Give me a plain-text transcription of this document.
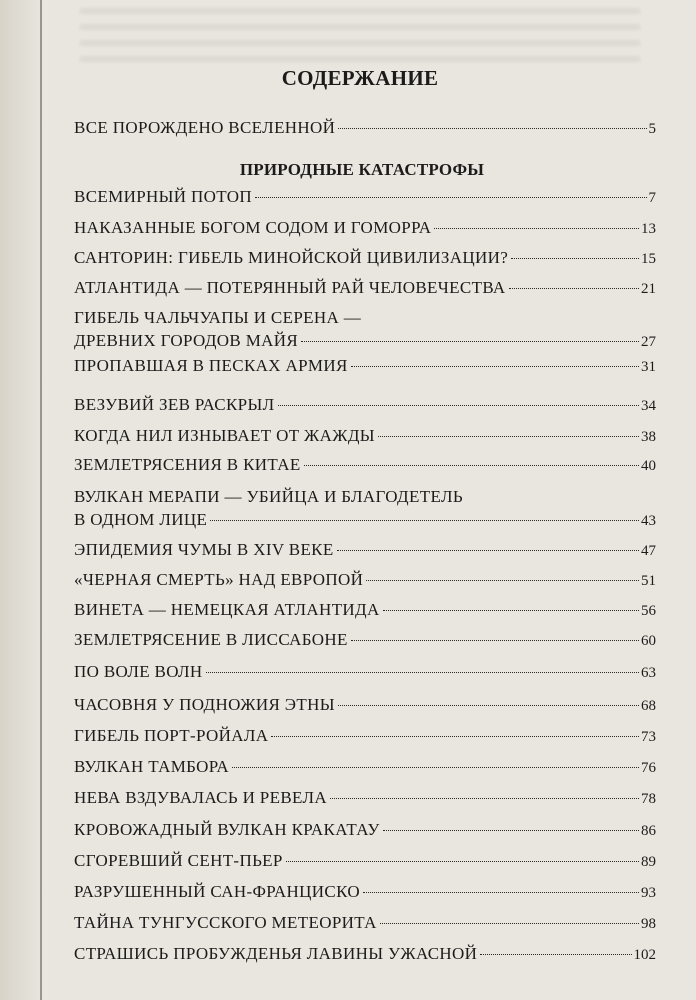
СОДЕРЖАНИЕ
ВСЕ ПОРОЖДЕНО ВСЕЛЕННОЙ	5
ПРИРОДНЫЕ КАТАСТРОФЫ
ВСЕМИРНЫЙ ПОТОП	7
НАКАЗАННЫЕ БОГОМ СОДОМ И ГОМОРРА	13
САНТОРИН: ГИБЕЛЬ МИНОЙСКОЙ ЦИВИЛИЗАЦИИ?	15
АТЛАНТИДА — ПОТЕРЯННЫЙ РАЙ ЧЕЛОВЕЧЕСТВА	21
ГИБЕЛЬ ЧАЛЬЧУАПЫ И СЕРЕНА —
ДРЕВНИХ ГОРОДОВ МАЙЯ	27
ПРОПАВШАЯ В ПЕСКАХ АРМИЯ	31
ВЕЗУВИЙ ЗЕВ РАСКРЫЛ	34
КОГДА НИЛ ИЗНЫВАЕТ ОТ ЖАЖДЫ	38
ЗЕМЛЕТРЯСЕНИЯ В КИТАЕ	40
ВУЛКАН МЕРАПИ — УБИЙЦА И БЛАГОДЕТЕЛЬ
В ОДНОМ ЛИЦЕ	43
ЭПИДЕМИЯ ЧУМЫ В XIV ВЕКЕ	47
«ЧЕРНАЯ СМЕРТЬ» НАД ЕВРОПОЙ	51
ВИНЕТА — НЕМЕЦКАЯ АТЛАНТИДА	56
ЗЕМЛЕТРЯСЕНИЕ В ЛИССАБОНЕ	60
ПО ВОЛЕ ВОЛН	63
ЧАСОВНЯ У ПОДНОЖИЯ ЭТНЫ	68
ГИБЕЛЬ ПОРТ-РОЙАЛА	73
ВУЛКАН ТАМБОРА	76
НЕВА ВЗДУВАЛАСЬ И РЕВЕЛА	78
КРОВОЖАДНЫЙ ВУЛКАН КРАКАТАУ	86
СГОРЕВШИЙ СЕНТ-ПЬЕР	89
РАЗРУШЕННЫЙ САН-ФРАНЦИСКО	93
ТАЙНА ТУНГУССКОГО МЕТЕОРИТА	98
СТРАШИСЬ ПРОБУЖДЕНЬЯ ЛАВИНЫ УЖАСНОЙ	102
